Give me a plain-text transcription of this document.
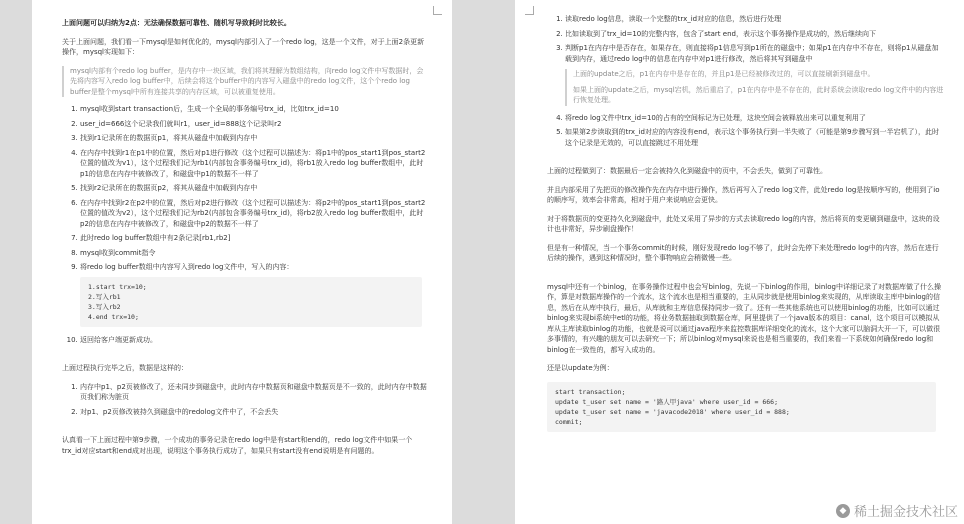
上面问题可以归纳为2点：无法确保数据可靠性、随机写导致耗时比较长。

关于上面问题，我们看一下mysql是如何优化的，mysql内部引入了一个redo log，这是一个文件，对于上面2条更新操作，mysql实现如下：

mysql内部有个redo log buffer，是内存中一块区域，我们将其理解为数组结构，向redo log文件中写数据时，会先将内容写入redo log buffer中，后续会将这个buffer中的内容写入磁盘中的redo log文件，这个个redo log buffer是整个mysql中所有连接共享的内存区域，可以被重复使用。

1. mysql收到start transaction后，生成一个全局的事务编号trx_id，比如trx_id=10
2. user_id=666这个记录我们就叫r1，user_id=888这个记录叫r2
3. 找到r1记录所在的数据页p1，将其从磁盘中加载到内存中
4. 在内存中找到r1在p1中的位置，然后对p1进行修改（这个过程可以描述为：将p1中的pos_start1到pos_start2位置的值改为v1），这个过程我们记为rb1(内部包含事务编号trx_id)，将rb1放入redo log buffer数组中，此时p1的信息在内存中被修改了，和磁盘中p1的数据不一样了
5. 找到r2记录所在的数据页p2，将其从磁盘中加载到内存中
6. 在内存中找到r2在p2中的位置，然后对p2进行修改（这个过程可以描述为：将p2中的pos_start1到pos_start2位置的值改为v2），这个过程我们记为rb2(内部包含事务编号trx_id)，将rb2放入redo log buffer数组中，此时p2的信息在内存中被修改了，和磁盘中p2的数据不一样了
7. 此时redo log buffer数组中有2条记录[rb1,rb2]
8. mysql收到commit指令
9. 将redo log buffer数组中内容写入到redo log文件中，写入的内容：
1.start trx=10;
2.写入rb1
3.写入rb2
4.end trx=10;
10. 返回给客户端更新成功。

上面过程执行完毕之后，数据是这样的：

1. 内存中p1、p2页被修改了，还未同步到磁盘中，此时内存中数据页和磁盘中数据页是不一致的，此时内存中数据页我们称为脏页
2. 对p1、p2页修改被持久到磁盘中的redolog文件中了，不会丢失

认真看一下上面过程中第9步骤，一个成功的事务记录在redo log中是有start和end的，redo log文件中如果一个trx_id对应start和end成对出现，说明这个事务执行成功了，如果只有start没有end说明是有问题的。

1. 读取redo log信息，读取一个完整的trx_id对应的信息，然后进行处理
2. 比如读取到了trx_id=10的完整内容，包含了start end，表示这个事务操作是成功的，然后继续向下
3. 判断p1在内存中是否存在，如果存在，则直接将p1信息写到p1所在的磁盘中；如果p1在内存中不存在，则将p1从磁盘加载到内存，通过redo log中的信息在内存中对p1进行修改，然后将其写到磁盘中

上面的update之后，p1在内存中是存在的，并且p1是已经被修改过的，可以直接刷新到磁盘中。

如果上面的update之后，mysql宕机，然后重启了，p1在内存中是不存在的，此时系统会读取redo log文件中的内容进行恢复处理。

4. 将redo log文件中trx_id=10的占有的空间标记为已处理，这块空间会被释放出来可以重复利用了
5. 如果第2步读取到的trx_id对应的内容没有end，表示这个事务执行到一半失败了（可能是第9步骤写到一半宕机了），此时这个记录是无效的，可以直接跳过不用处理

上面的过程做到了：数据最后一定会被持久化到磁盘中的页中，不会丢失，做到了可靠性。

并且内部采用了先把页的修改操作先在内存中进行操作，然后再写入了redo log文件，此处redo log是按顺序写的，使用到了io的顺序写，效率会非常高，相对于用户来说响应会更快。

对于将数据页的变更持久化到磁盘中，此处又采用了异步的方式去读取redo log的内容，然后将页的变更刷到磁盘中，这块的设计也非常好，异步刷盘操作！

但是有一种情况，当一个事务commit的时候，刚好发现redo log不够了，此时会先停下来处理redo log中的内容，然后在进行后续的操作，遇到这种情况时，整个事物响应会稍微慢一些。

mysql中还有一个binlog，在事务操作过程中也会写binlog，先说一下binlog的作用，binlog中详细记录了对数据库做了什么操作，算是对数据库操作的一个流水，这个流水也是相当重要的，主从同步就是使用binlog来实现的，从库读取主库中binlog的信息，然后在从库中执行，最后，从库就和主库信息保持同步一致了。还有一些其他系统也可以使用binlog的功能，比如可以通过binlog来实现bi系统中etl的功能，将业务数据抽取到数据仓库，阿里提供了一个java版本的项目：canal，这个项目可以模拟从库从主库读取binlog的功能，也就是说可以通过java程序来监控数据库详细变化的流水，这个大家可以脑洞大开一下，可以做很多事情的，有兴趣的朋友可以去研究一下；所以binlog对mysql来说也是相当重要的，我们来看一下系统如何确保redo log和binlog在一致性的，都写入成功的。

还是以update为例：

start transaction;
update t_user set name = '路人甲java' where user_id = 666;
update t_user set name = 'javacode2018' where user_id = 888;
commit;
◆ 稀土掘金技术社区
